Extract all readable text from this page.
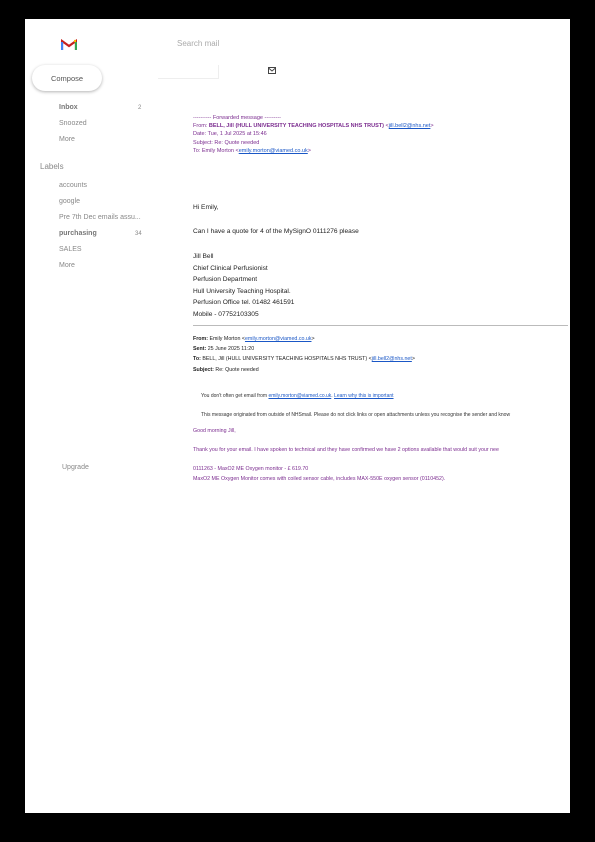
Search mail
Compose
Inbox	2
Snoozed
More
Labels
accounts
google
Pre 7th Dec emails assu...
purchasing	34
SALES
More
Upgrade
---------- Forwarded message ---------
From: BELL, Jill (HULL UNIVERSITY TEACHING HOSPITALS NHS TRUST) <jill.bell2@nhs.net>
Date: Tue, 1 Jul 2025 at 15:46
Subject: Re: Quote needed
To: Emily Morton <emily.morton@viamed.co.uk>
Hi Emily,
Can I have a quote for 4 of the MySignO 0111276 please
Jill Bell
Chief Clinical Perfusionist
Perfusion Department
Hull University Teaching Hospital.
Perfusion Office tel. 01482 461591
Mobile - 07752103305
From: Emily Morton <emily.morton@viamed.co.uk>
Sent: 25 June 2025 11:20
To: BELL, Jill (HULL UNIVERSITY TEACHING HOSPITALS NHS TRUST) <jill.bell2@nhs.net>
Subject: Re: Quote needed
You don't often get email from emily.morton@viamed.co.uk. Learn why this is important
This message originated from outside of NHSmail. Please do not click links or open attachments unless you recognise the sender and know
Good morning Jill,
Thank you for your email. I have spoken to technical and they have confirmed we have 2 options available that would suit your nee
0111263 - MaxO2 ME Oxygen monitor - £ 619.70
MaxO2 ME Oxygen Monitor comes with coiled sensor cable, includes MAX-550E oxygen sensor (0110452).
